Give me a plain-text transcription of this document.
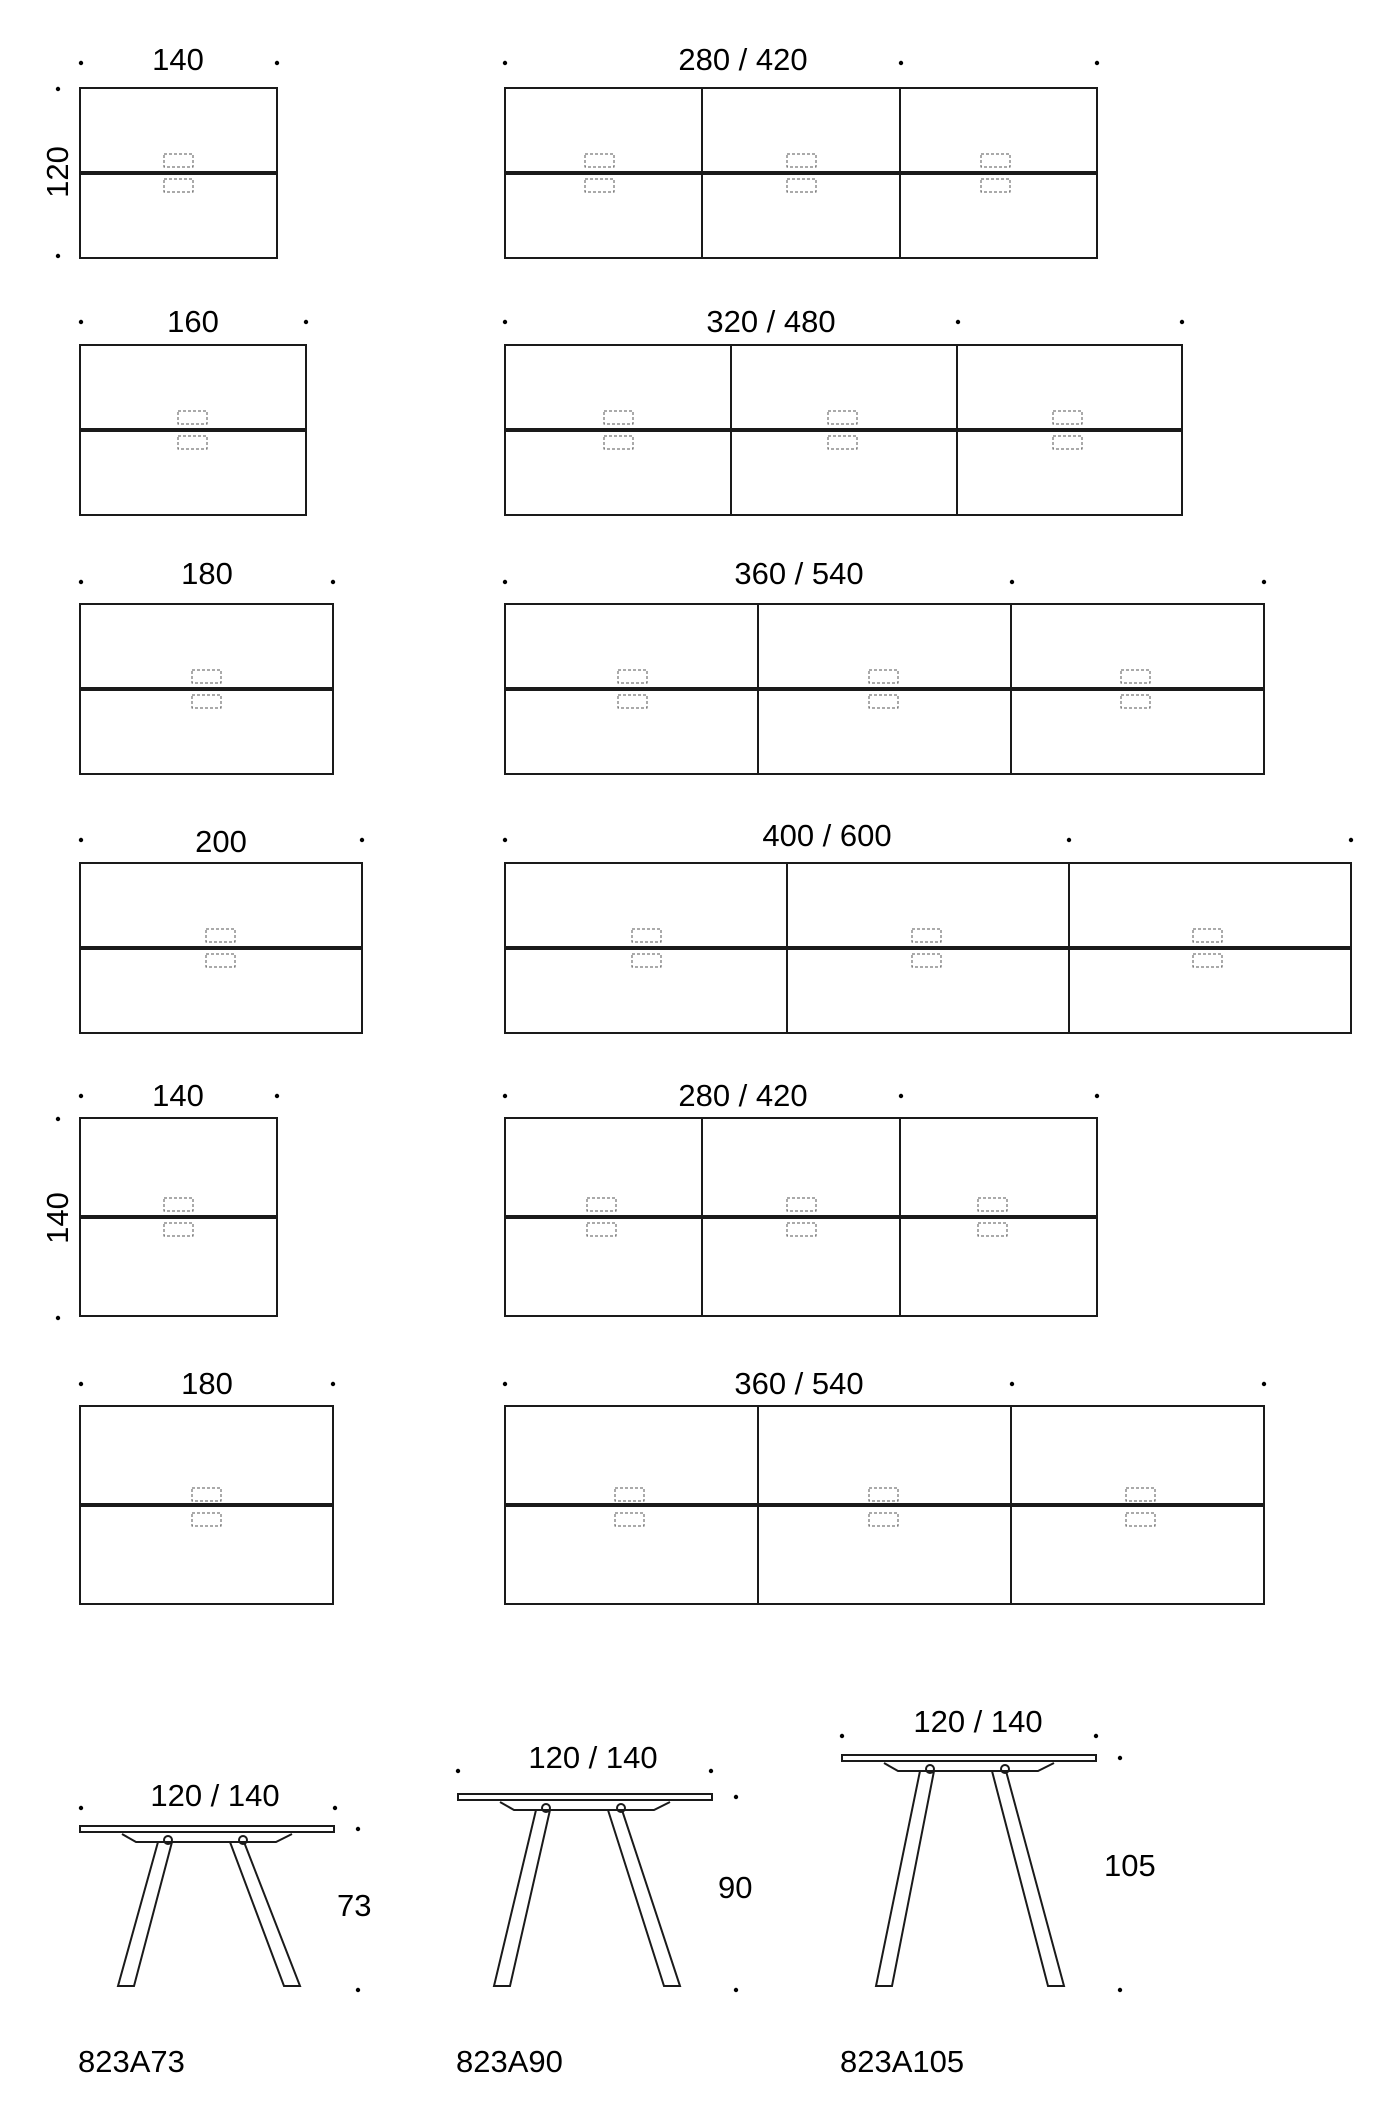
140
120
280 / 420
160	320 / 480
180	360 / 540
200	400 / 600
140
140
280 / 420
180	360 / 540
120 / 140
73
823A73
120 / 140
90
823A90
120 / 140
105
823A105
